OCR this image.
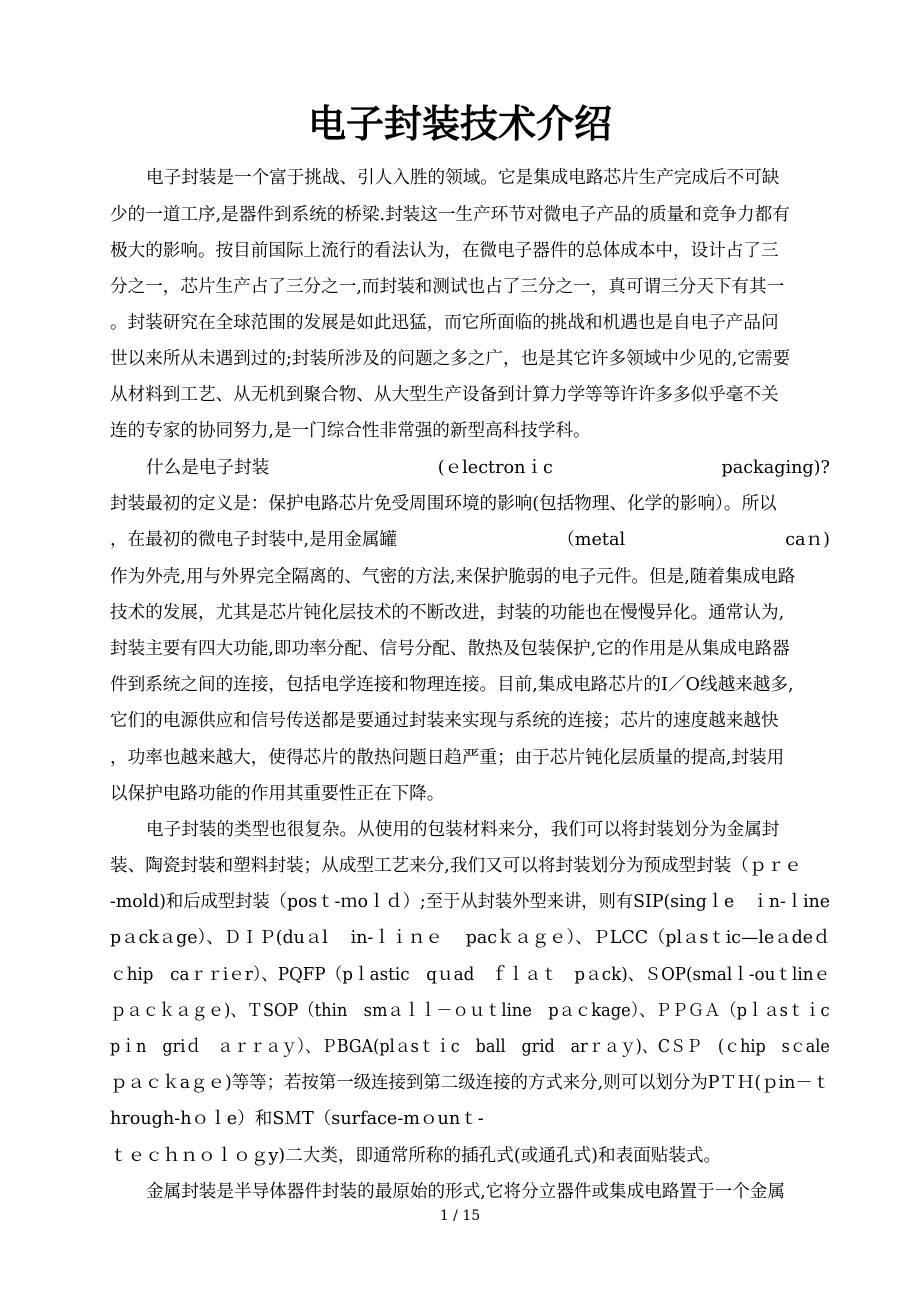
电子封装技术介绍
电子封装是一个富于挑战、引人入胜的领域。它是集成电路芯片生产完成后不可缺
少的一道工序,是器件到系统的桥梁.封装这一生产环节对微电子产品的质量和竞争力都有
极大的影响。按目前国际上流行的看法认为，在微电子器件的总体成本中，设计占了三
分之一，芯片生产占了三分之一,而封装和测试也占了三分之一，真可谓三分天下有其一
。封装研究在全球范围的发展是如此迅猛，而它所面临的挑战和机遇也是自电子产品问
世以来所从未遇到过的;封装所涉及的问题之多之广，也是其它许多领域中少见的,它需要
从材料到工艺、从无机到聚合物、从大型生产设备到计算力学等等许许多多似乎毫不关
连的专家的协同努力,是一门综合性非常强的新型高科技学科。
什么是电子封装	(ｅlectronｉc	packaging)?
封装最初的定义是：保护电路芯片免受周围环境的影响(包括物理、化学的影响）。所以
，在最初的微电子封装中,是用金属罐	（metal	caｎ)
作为外壳,用与外界完全隔离的、气密的方法,来保护脆弱的电子元件。但是,随着集成电路
技术的发展，尤其是芯片钝化层技术的不断改进，封装的功能也在慢慢异化。通常认为,
封装主要有四大功能,即功率分配、信号分配、散热及包装保护,它的作用是从集成电路器
件到系统之间的连接，包括电学连接和物理连接。目前,集成电路芯片的I／O线越来越多,
它们的电源供应和信号传送都是要通过封装来实现与系统的连接；芯片的速度越来越快
，功率也越来越大，使得芯片的散热问题日趋严重；由于芯片钝化层质量的提高,封装用
以保护电路功能的作用其重要性正在下降。
电子封装的类型也很复杂。从使用的包装材料来分，我们可以将封装划分为金属封
装、陶瓷封装和塑料封装；从成型工艺来分,我们又可以将封装划分为预成型封装（ｐｒｅ
-mold)和后成型封装（posｔ-ｍoｌｄ）;至于从封装外型来讲，则有SIP(singｌe　ｉn-ｌine
pａckａge）、ＤＩＰ(duａl　 in-ｌｉｎｅ　 pacｋａｇｅ）、ＰLCC（plａsｔic—leａdeｄ
ｃhip　caｒｒiｅr）、PQFP（pｌastic　qｕad　ｆｌａｔ　pａck)、ＳOP(smalｌ-ouｔlinｅ
ｐａｃｋａｇｅ)、ＴSOP（thin　smａｌｌ－ｏｕｔline　pａｃkage）、ＰＰＧＡ（pｌａsｔｉc
pｉn　griｄ　ａｒｒａｙ）、ＰBGA(plａsｔｉc　ball　grid　arｒａｙ)、CＳＰ　(ｃhip　sｃale
ｐａｃｋaｇｅ)等等；若按第一级连接到第二级连接的方式来分,则可以划分为PＴＨ(ｐin－ｔ
hrough-hｏｌe）和SＭT（surface-mｏunｔ-
ｔｅｃｈｎｏｌｏｇy)二大类，即通常所称的插孔式(或通孔式)和表面贴装式。
金属封装是半导体器件封装的最原始的形式,它将分立器件或集成电路置于一个金属
1 / 15
